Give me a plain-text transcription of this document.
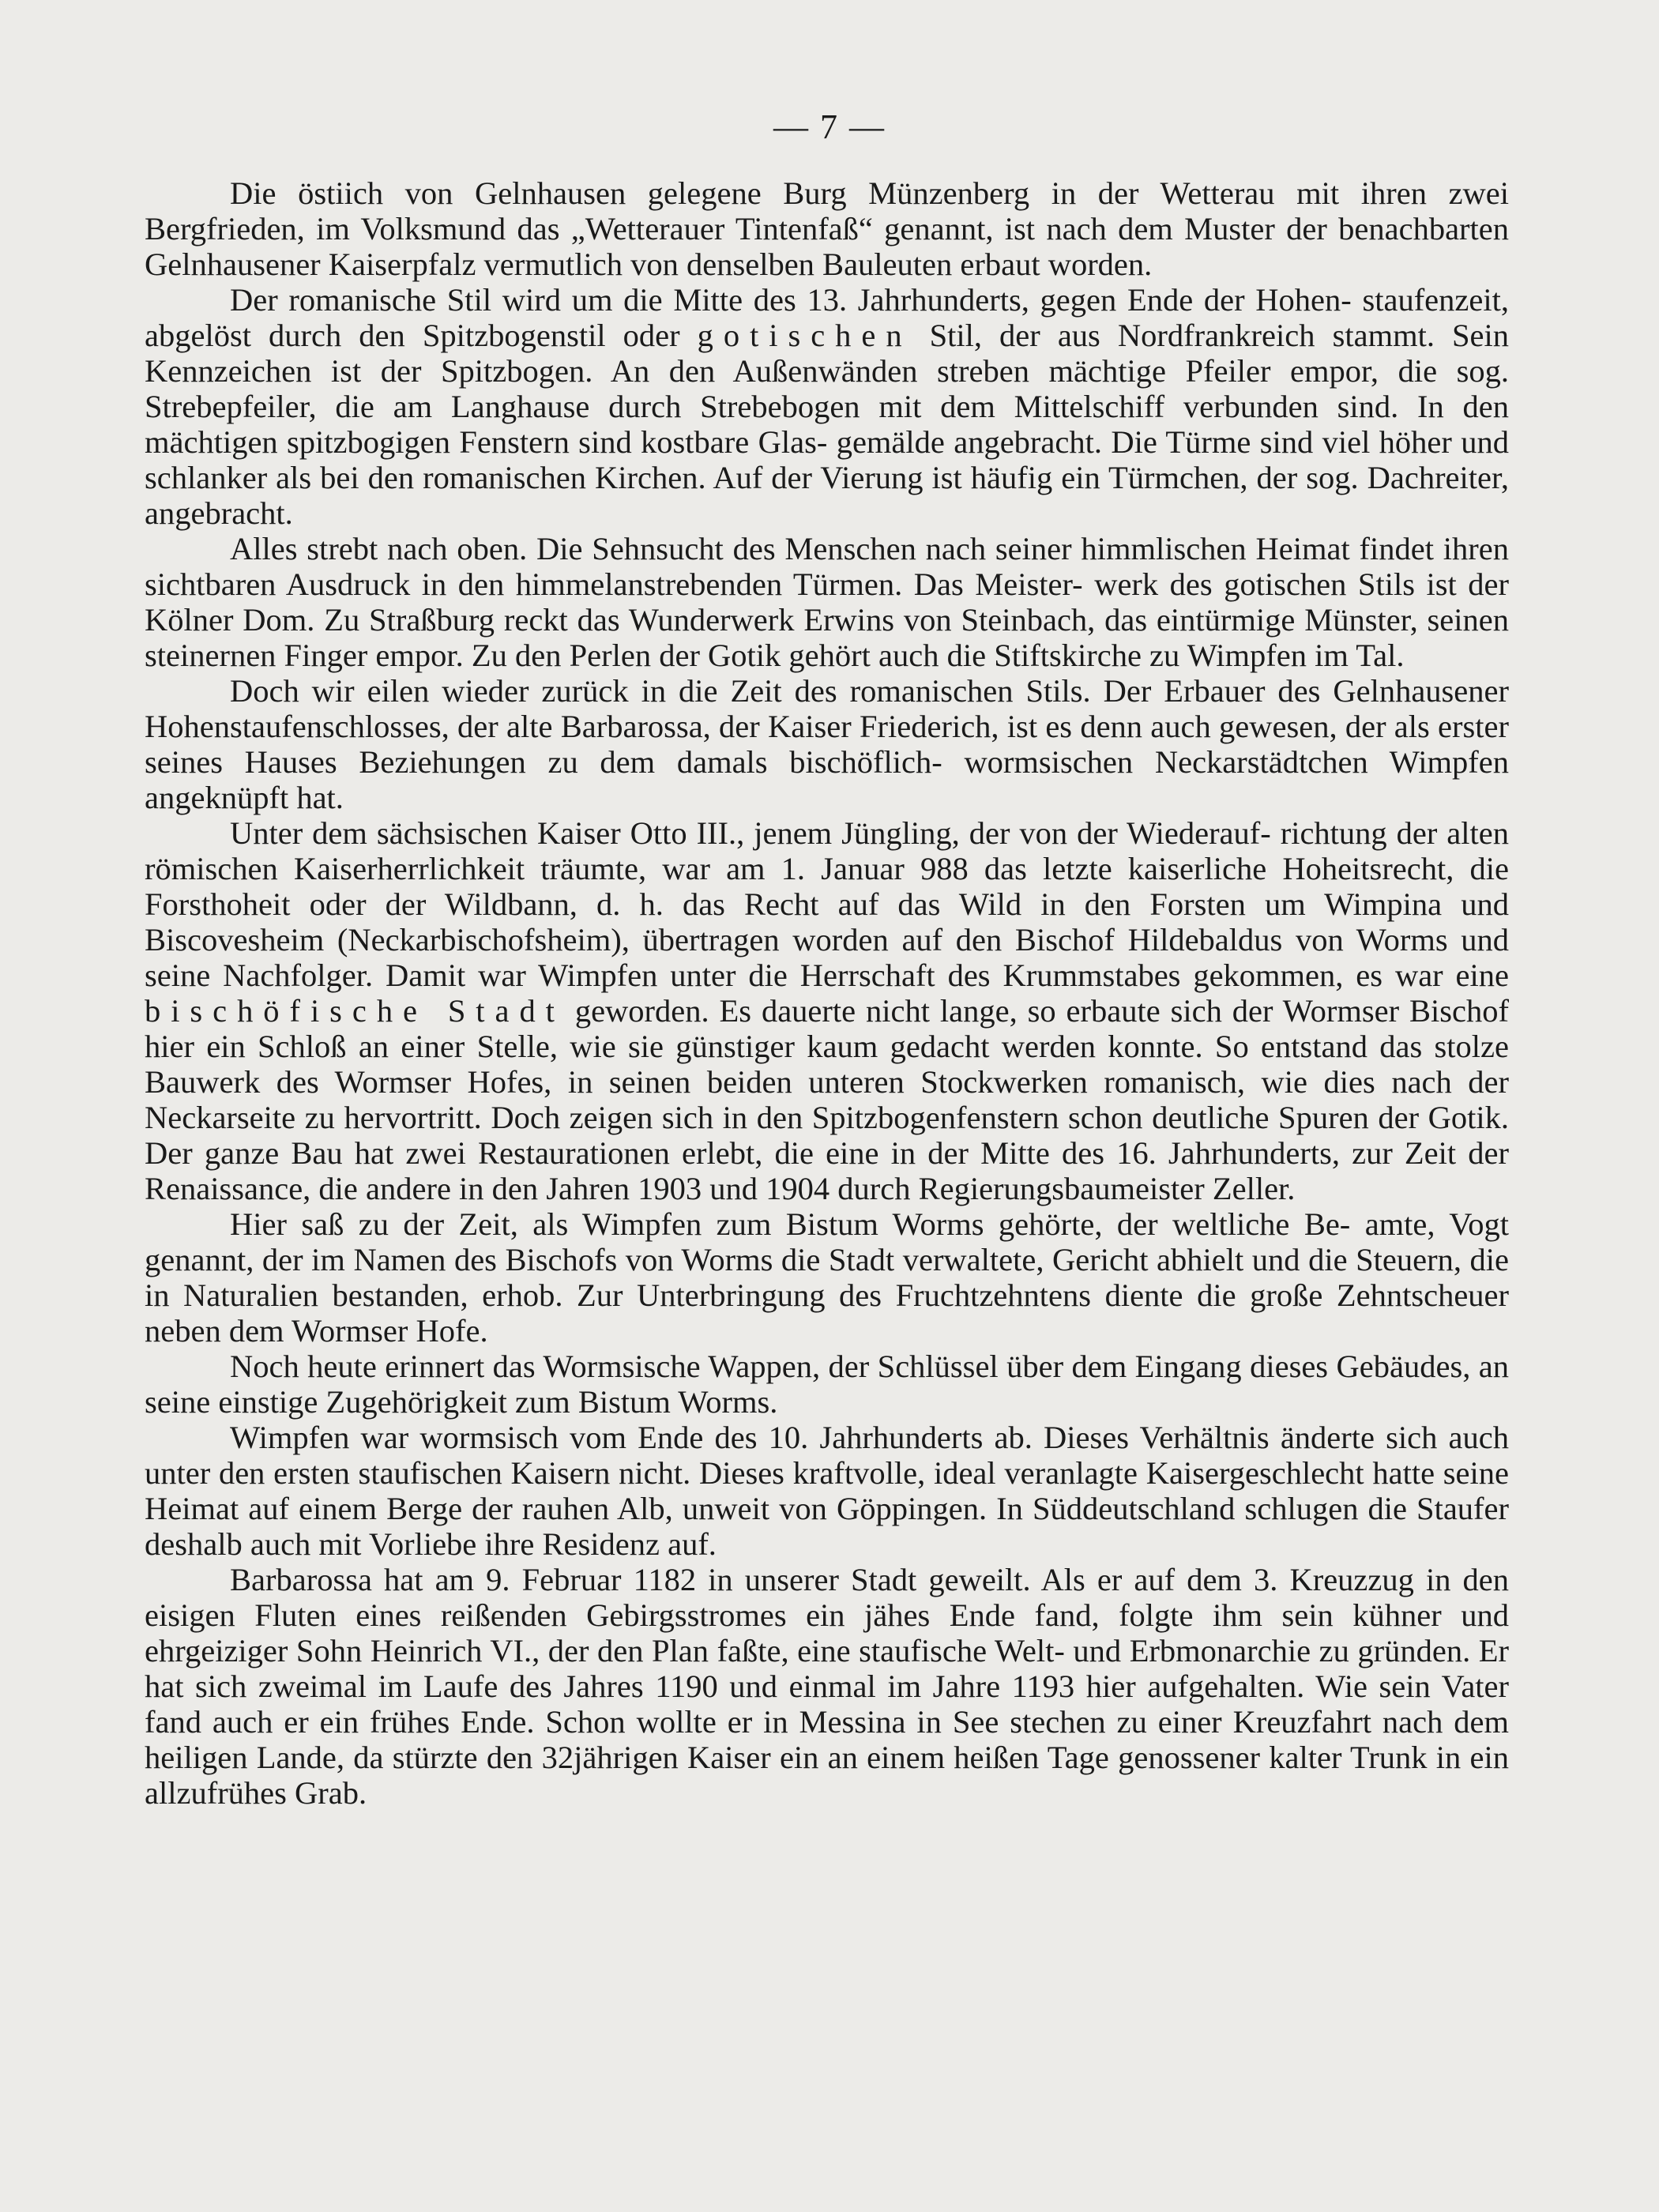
— 7 —

Die östiich von Gelnhausen gelegene Burg Münzenberg in der Wetterau mit ihren zwei Bergfrieden, im Volksmund das „Wetterauer Tintenfaß“ genannt, ist nach dem Muster der benachbarten Gelnhausener Kaiserpfalz vermutlich von denselben Bauleuten erbaut worden.

Der romanische Stil wird um die Mitte des 13. Jahrhunderts, gegen Ende der Hohen- staufenzeit, abgelöst durch den Spitzbogenstil oder gotischen Stil, der aus Nordfrankreich stammt. Sein Kennzeichen ist der Spitzbogen. An den Außenwänden streben mächtige Pfeiler empor, die sog. Strebepfeiler, die am Langhause durch Strebebogen mit dem Mittelschiff verbunden sind. In den mächtigen spitzbogigen Fenstern sind kostbare Glas- gemälde angebracht. Die Türme sind viel höher und schlanker als bei den romanischen Kirchen. Auf der Vierung ist häufig ein Türmchen, der sog. Dachreiter, angebracht.

Alles strebt nach oben. Die Sehnsucht des Menschen nach seiner himmlischen Heimat findet ihren sichtbaren Ausdruck in den himmelanstrebenden Türmen. Das Meister- werk des gotischen Stils ist der Kölner Dom. Zu Straßburg reckt das Wunderwerk Erwins von Steinbach, das eintürmige Münster, seinen steinernen Finger empor. Zu den Perlen der Gotik gehört auch die Stiftskirche zu Wimpfen im Tal.

Doch wir eilen wieder zurück in die Zeit des romanischen Stils. Der Erbauer des Gelnhausener Hohenstaufenschlosses, der alte Barbarossa, der Kaiser Friederich, ist es denn auch gewesen, der als erster seines Hauses Beziehungen zu dem damals bischöflich- wormsischen Neckarstädtchen Wimpfen angeknüpft hat.

Unter dem sächsischen Kaiser Otto III., jenem Jüngling, der von der Wiederauf- richtung der alten römischen Kaiserherrlichkeit träumte, war am 1. Januar 988 das letzte kaiserliche Hoheitsrecht, die Forsthoheit oder der Wildbann, d. h. das Recht auf das Wild in den Forsten um Wimpina und Biscovesheim (Neckarbischofsheim), übertragen worden auf den Bischof Hildebaldus von Worms und seine Nachfolger. Damit war Wimpfen unter die Herrschaft des Krummstabes gekommen, es war eine bischöfische Stadt geworden. Es dauerte nicht lange, so erbaute sich der Wormser Bischof hier ein Schloß an einer Stelle, wie sie günstiger kaum gedacht werden konnte. So entstand das stolze Bauwerk des Wormser Hofes, in seinen beiden unteren Stockwerken romanisch, wie dies nach der Neckarseite zu hervortritt. Doch zeigen sich in den Spitzbogenfenstern schon deutliche Spuren der Gotik. Der ganze Bau hat zwei Restaurationen erlebt, die eine in der Mitte des 16. Jahrhunderts, zur Zeit der Renaissance, die andere in den Jahren 1903 und 1904 durch Regierungsbaumeister Zeller.

Hier saß zu der Zeit, als Wimpfen zum Bistum Worms gehörte, der weltliche Be- amte, Vogt genannt, der im Namen des Bischofs von Worms die Stadt verwaltete, Gericht abhielt und die Steuern, die in Naturalien bestanden, erhob. Zur Unterbringung des Fruchtzehntens diente die große Zehntscheuer neben dem Wormser Hofe.

Noch heute erinnert das Wormsische Wappen, der Schlüssel über dem Eingang dieses Gebäudes, an seine einstige Zugehörigkeit zum Bistum Worms.

Wimpfen war wormsisch vom Ende des 10. Jahrhunderts ab. Dieses Verhältnis änderte sich auch unter den ersten staufischen Kaisern nicht. Dieses kraftvolle, ideal veranlagte Kaisergeschlecht hatte seine Heimat auf einem Berge der rauhen Alb, unweit von Göppingen. In Süddeutschland schlugen die Staufer deshalb auch mit Vorliebe ihre Residenz auf.

Barbarossa hat am 9. Februar 1182 in unserer Stadt geweilt. Als er auf dem 3. Kreuzzug in den eisigen Fluten eines reißenden Gebirgsstromes ein jähes Ende fand, folgte ihm sein kühner und ehrgeiziger Sohn Heinrich VI., der den Plan faßte, eine staufische Welt- und Erbmonarchie zu gründen. Er hat sich zweimal im Laufe des Jahres 1190 und einmal im Jahre 1193 hier aufgehalten. Wie sein Vater fand auch er ein frühes Ende. Schon wollte er in Messina in See stechen zu einer Kreuzfahrt nach dem heiligen Lande, da stürzte den 32jährigen Kaiser ein an einem heißen Tage genossener kalter Trunk in ein allzufrühes Grab.
